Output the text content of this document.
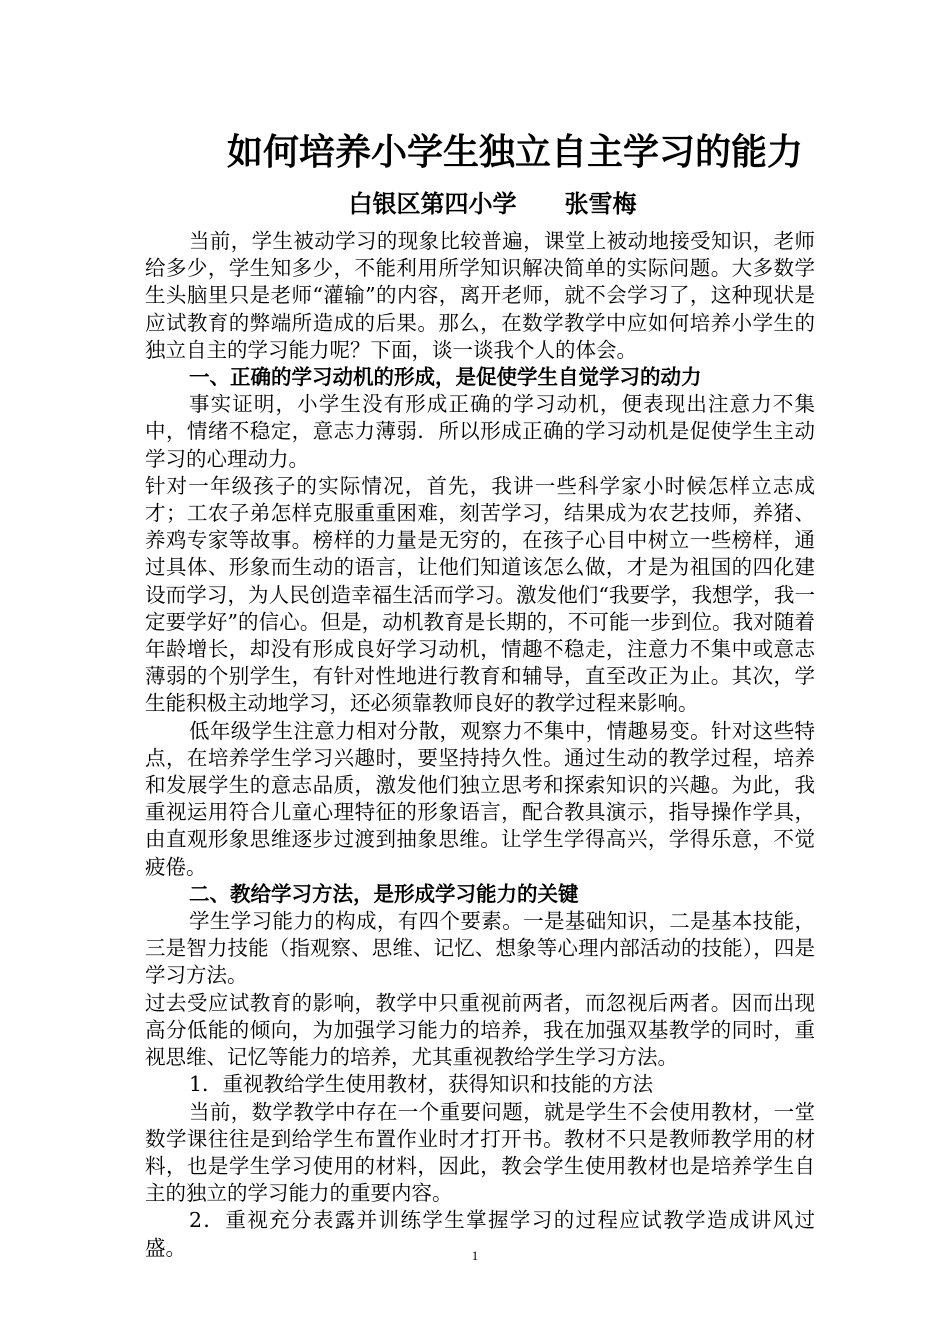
如何培养小学生独立自主学习的能力
白银区第四小学　　张雪梅

当前，学生被动学习的现象比较普遍，课堂上被动地接受知识，老师给多少，学生知多少，不能利用所学知识解决简单的实际问题。大多数学生头脑里只是老师“灌输”的内容，离开老师，就不会学习了，这种现状是应试教育的弊端所造成的后果。那么，在数学教学中应如何培养小学生的独立自主的学习能力呢？下面，谈一谈我个人的体会。

一、正确的学习动机的形成，是促使学生自觉学习的动力

事实证明，小学生没有形成正确的学习动机，便表现出注意力不集中，情绪不稳定，意志力薄弱．所以形成正确的学习动机是促使学生主动学习的心理动力。

针对一年级孩子的实际情况，首先，我讲一些科学家小时候怎样立志成才；工农子弟怎样克服重重困难，刻苦学习，结果成为农艺技师，养猪、养鸡专家等故事。榜样的力量是无穷的，在孩子心目中树立一些榜样，通过具体、形象而生动的语言，让他们知道该怎么做，才是为祖国的四化建设而学习，为人民创造幸福生活而学习。激发他们“我要学，我想学，我一定要学好”的信心。但是，动机教育是长期的，不可能一步到位。我对随着年龄增长，却没有形成良好学习动机，情趣不稳走，注意力不集中或意志薄弱的个别学生，有针对性地进行教育和辅导，直至改正为止。其次，学生能积极主动地学习，还必须靠教师良好的教学过程来影响。

低年级学生注意力相对分散，观察力不集中，情趣易变。针对这些特点，在培养学生学习兴趣时，要坚持持久性。通过生动的教学过程，培养和发展学生的意志品质，激发他们独立思考和探索知识的兴趣。为此，我重视运用符合儿童心理特征的形象语言，配合教具演示，指导操作学具，由直观形象思维逐步过渡到抽象思维。让学生学得高兴，学得乐意，不觉疲倦。

二、教给学习方法，是形成学习能力的关键

学生学习能力的构成，有四个要素。一是基础知识，二是基本技能，三是智力技能（指观察、思维、记忆、想象等心理内部活动的技能），四是学习方法。

过去受应试教育的影响，教学中只重视前两者，而忽视后两者。因而出现高分低能的倾向，为加强学习能力的培养，我在加强双基教学的同时，重视思维、记忆等能力的培养，尤其重视教给学生学习方法。

1．重视教给学生使用教材，获得知识和技能的方法

当前，数学教学中存在一个重要问题，就是学生不会使用教材，一堂数学课往往是到给学生布置作业时才打开书。教材不只是教师教学用的材料，也是学生学习使用的材料，因此，教会学生使用教材也是培养学生自主的独立的学习能力的重要内容。

2．重视充分表露并训练学生掌握学习的过程应试教学造成讲风过盛。	1
